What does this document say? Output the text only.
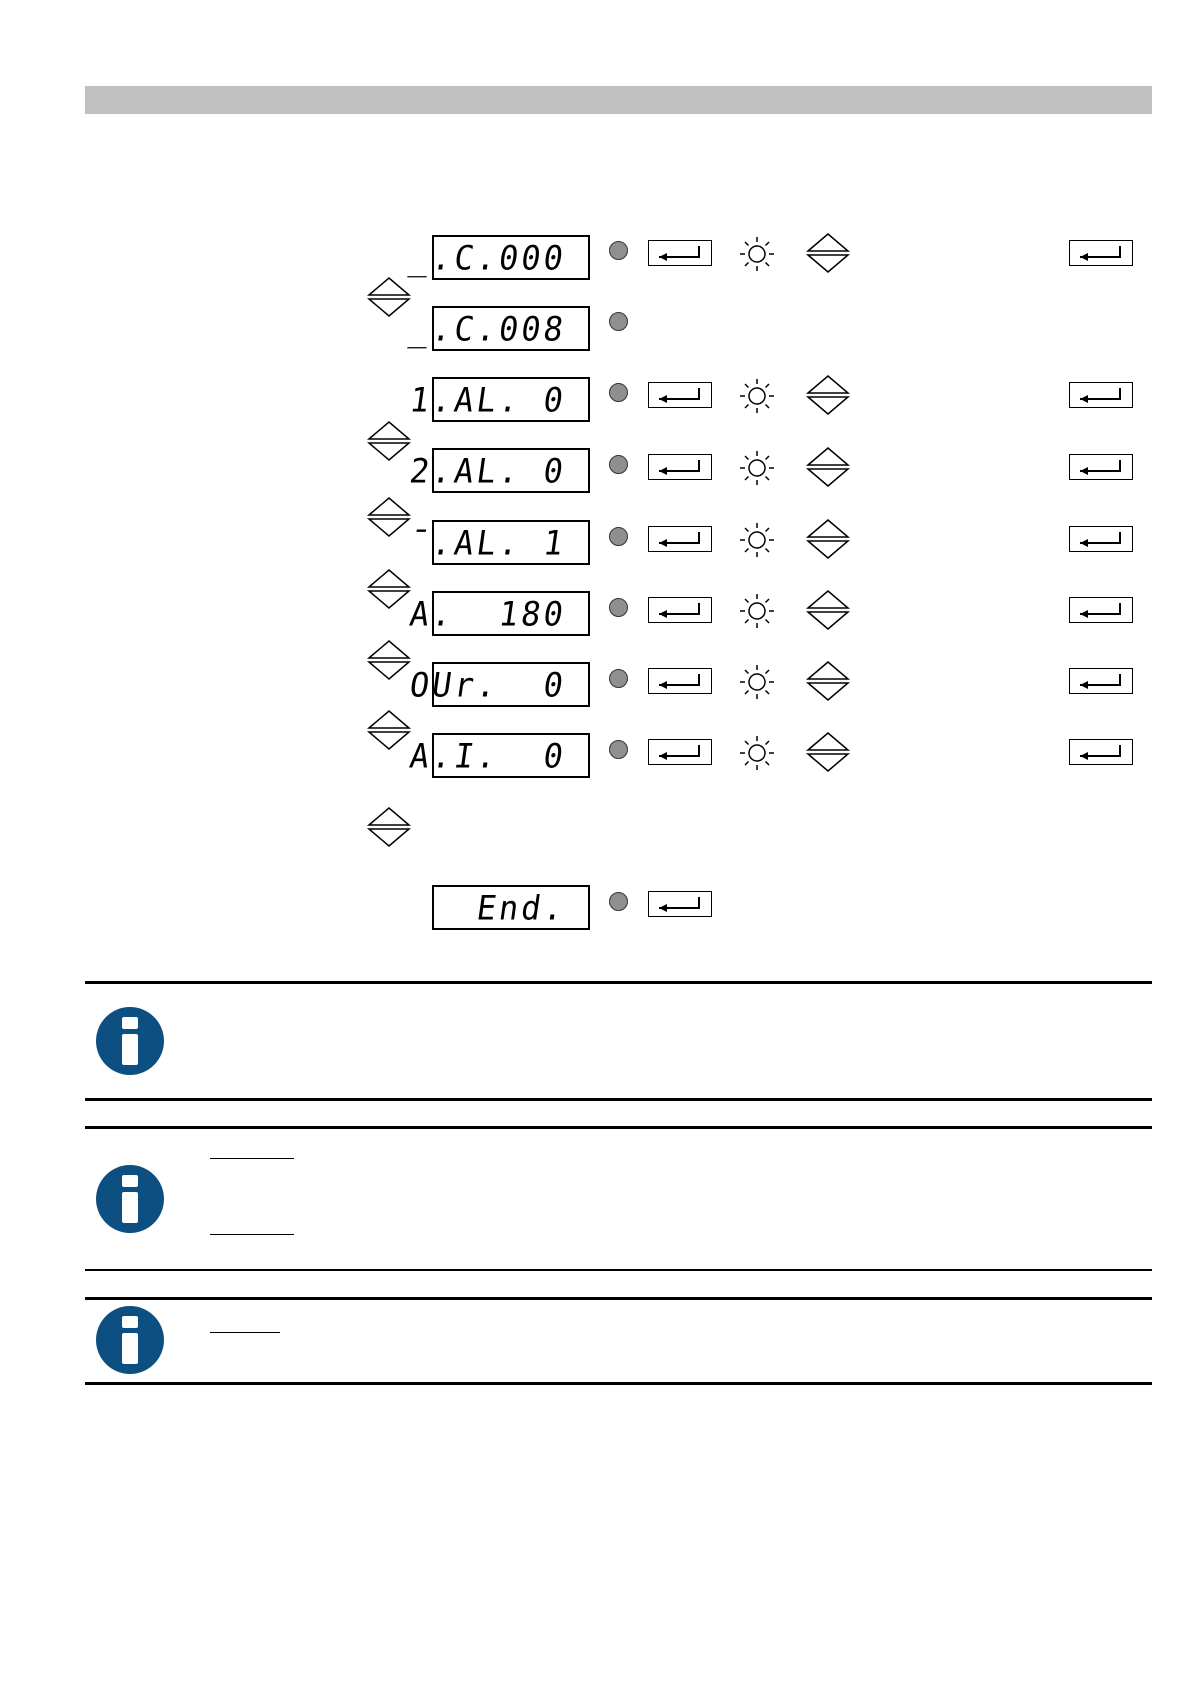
_.C.000
_.C.008
1.AL. 0
2.AL. 0
¯.AL. 1
A.  180
OUr.  0
A.I.  0
End.
